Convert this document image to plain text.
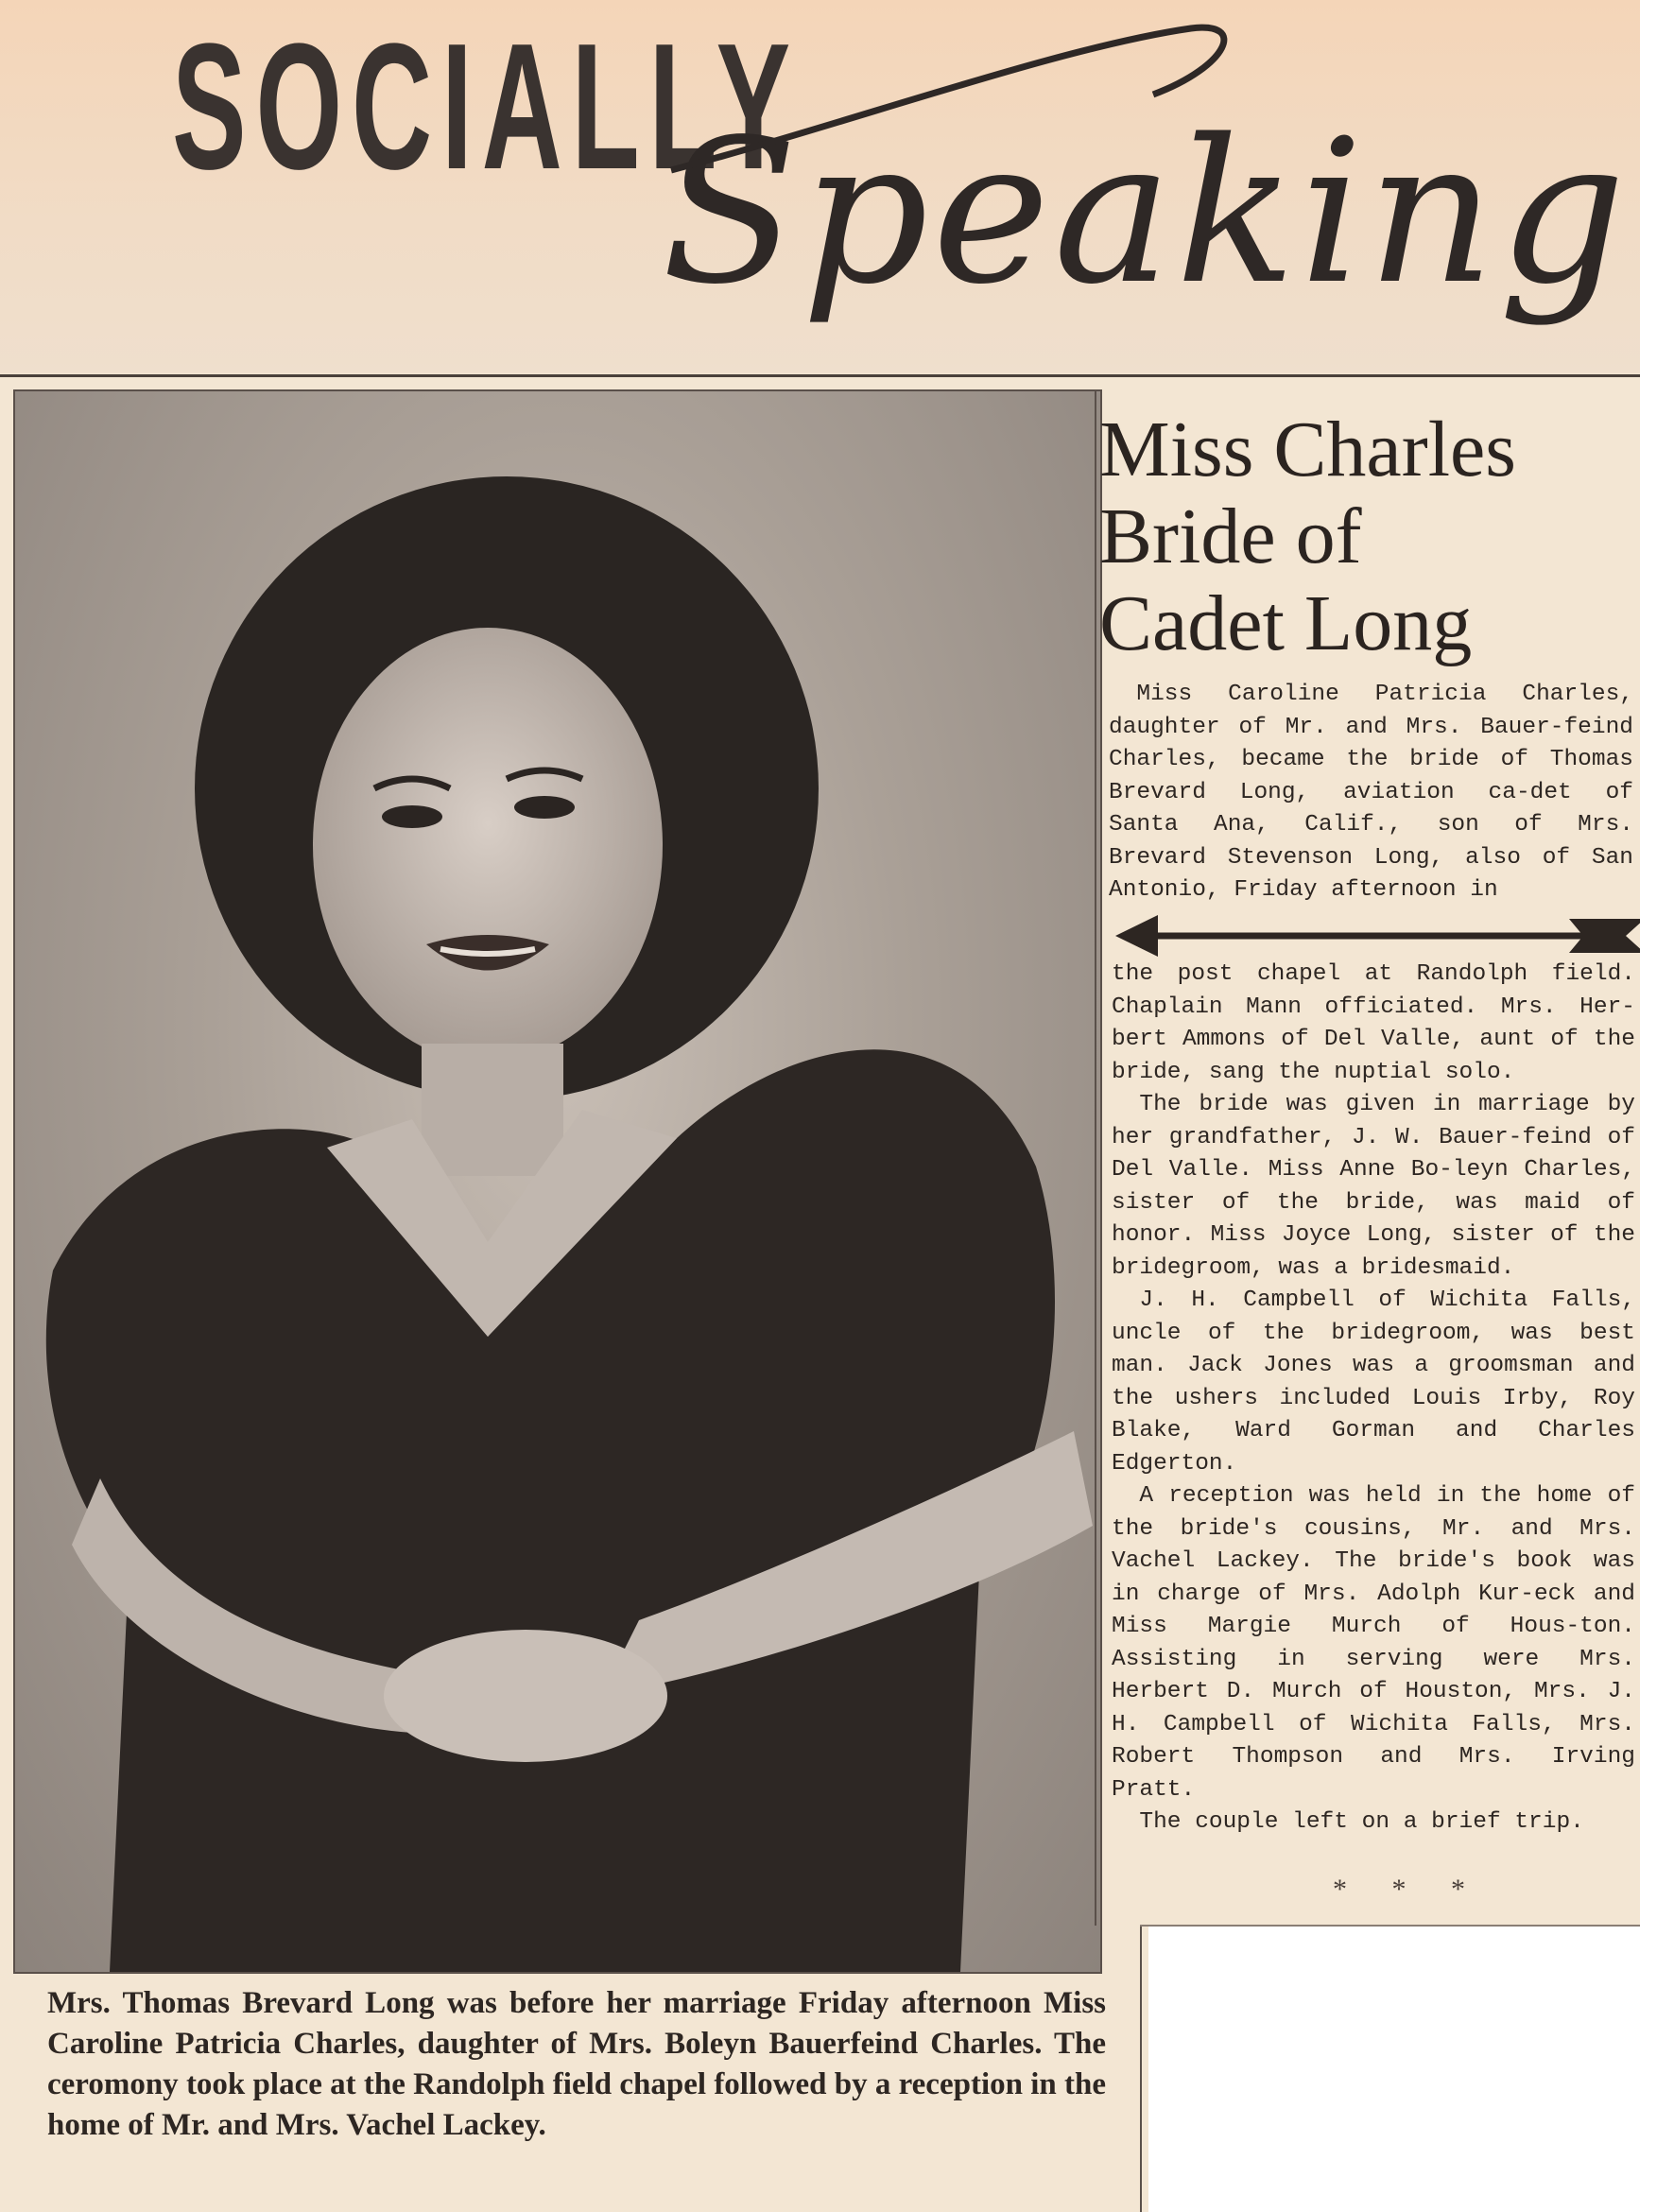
SOCIALLY
Speaking
Mrs. Thomas Brevard Long was before her marriage Friday afternoon Miss Caroline Patricia Charles, daughter of Mrs. Boleyn Bauerfeind Charles. The ceromony took place at the Randolph field chapel followed by a reception in the home of Mr. and Mrs. Vachel Lackey.
Miss Charles
Bride of
Cadet Long

Miss Caroline Patricia Charles, daughter of Mr. and Mrs. Bauer-feind Charles, became the bride of Thomas Brevard Long, aviation ca-det of Santa Ana, Calif., son of Mrs. Brevard Stevenson Long, also of San Antonio, Friday afternoon in

the post chapel at Randolph field. Chaplain Mann officiated. Mrs. Her-bert Ammons of Del Valle, aunt of the bride, sang the nuptial solo.

The bride was given in marriage by her grandfather, J. W. Bauer-feind of Del Valle. Miss Anne Bo-leyn Charles, sister of the bride, was maid of honor. Miss Joyce Long, sister of the bridegroom, was a bridesmaid.

J. H. Campbell of Wichita Falls, uncle of the bridegroom, was best man. Jack Jones was a groomsman and the ushers included Louis Irby, Roy Blake, Ward Gorman and Charles Edgerton.

A reception was held in the home of the bride's cousins, Mr. and Mrs. Vachel Lackey. The bride's book was in charge of Mrs. Adolph Kur-eck and Miss Margie Murch of Hous-ton. Assisting in serving were Mrs. Herbert D. Murch of Houston, Mrs. J. H. Campbell of Wichita Falls, Mrs. Robert Thompson and Mrs. Irving Pratt.

The couple left on a brief trip.

* * *
